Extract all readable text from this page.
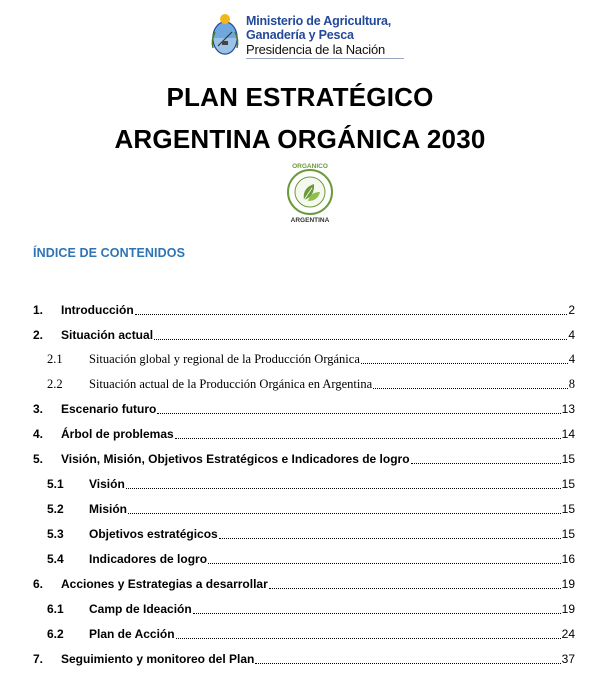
Ministerio de Agricultura,
Ganadería y Pesca
Presidencia de la Nación
PLAN ESTRATÉGICO
ARGENTINA ORGÁNICA 2030
ORGANICO
ARGENTINA
ÍNDICE DE CONTENIDOS
1.	Introducción	2
2.	Situación actual	4
2.1	Situación global y regional de la Producción Orgánica	4
2.2	Situación actual de la Producción Orgánica en Argentina	8
3.	Escenario futuro	13
4.	Árbol de problemas	14
5.	Visión, Misión, Objetivos Estratégicos e Indicadores de logro	15
5.1	Visión	15
5.2	Misión	15
5.3	Objetivos estratégicos	15
5.4	Indicadores de logro	16
6.	Acciones y Estrategias a desarrollar	19
6.1	Camp de Ideación	19
6.2	Plan de Acción	24
7.	Seguimiento y monitoreo del Plan	37
